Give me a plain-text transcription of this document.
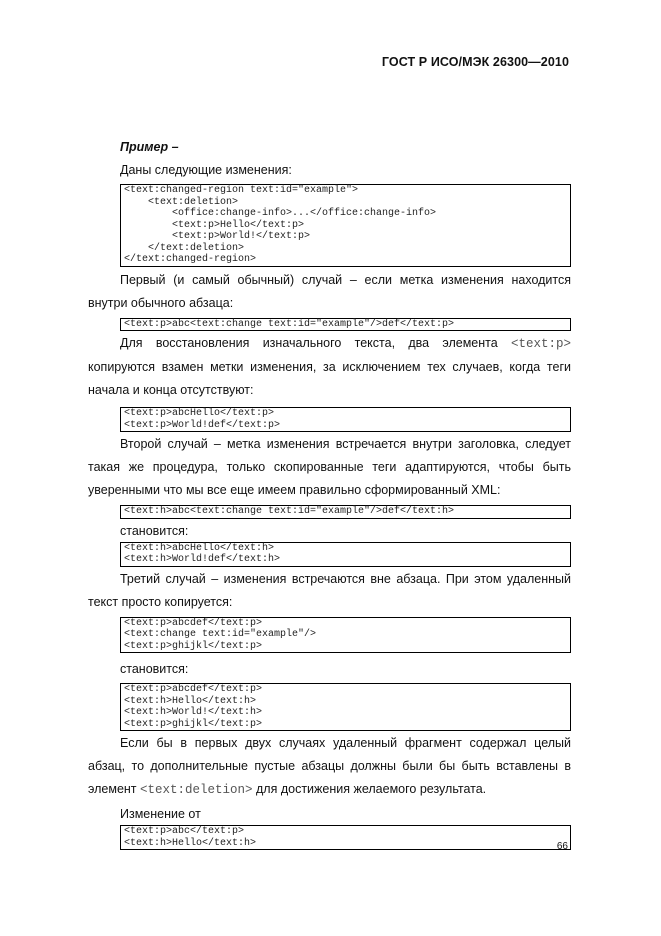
ГОСТ Р ИСО/МЭК 26300—2010
Пример –
Даны следующие изменения:
<text:changed-region text:id="example">
<text:deletion>
<office:change-info>...</office:change-info>
<text:p>Hello</text:p>
<text:p>World!</text:p>
</text:deletion>
</text:changed-region>
Первый (и самый обычный) случай – если метка изменения находится внутри обычного абзаца:
<text:p>abc<text:change text:id="example"/>def</text:p>
Для восстановления изначального текста, два элемента <text:p> копируются взамен метки изменения, за исключением тех случаев, когда теги начала и конца отсутствуют:
<text:p>abcHello</text:p>
<text:p>World!def</text:p>
Второй случай – метка изменения встречается внутри заголовка, следует такая же процедура, только скопированные теги адаптируются, чтобы быть уверенными что мы все еще имеем правильно сформированный XML:
<text:h>abc<text:change text:id="example"/>def</text:h>
становится:
<text:h>abcHello</text:h>
<text:h>World!def</text:h>
Третий случай – изменения встречаются вне абзаца. При этом удаленный текст просто копируется:
<text:p>abcdef</text:p>
<text:change text:id="example"/>
<text:p>ghijkl</text:p>
становится:
<text:p>abcdef</text:p>
<text:h>Hello</text:h>
<text:h>World!</text:h>
<text:p>ghijkl</text:p>
Если бы в первых двух случаях удаленный фрагмент содержал целый абзац, то дополнительные пустые абзацы должны были бы быть вставлены в элемент <text:deletion> для достижения желаемого результата.
Изменение от
<text:p>abc</text:p>
<text:h>Hello</text:h>	66
